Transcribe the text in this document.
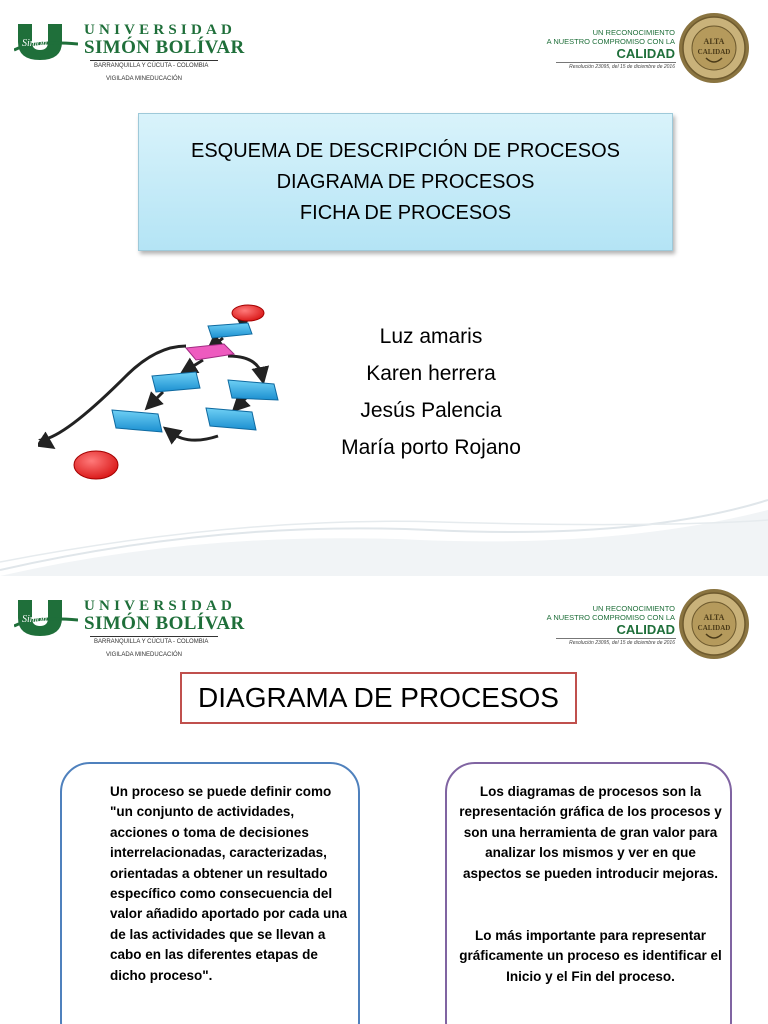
Simón
UNIVERSIDAD
SIMÓN BOLÍVAR
BARRANQUILLA Y CÚCUTA - COLOMBIA
VIGILADA MINEDUCACIÓN
UN RECONOCIMIENTO
A NUESTRO COMPROMISO CON LA
CALIDAD
Resolución 23095, del 15 de diciembre de 2016
ALTA
CALIDAD
ESQUEMA DE DESCRIPCIÓN DE PROCESOS
DIAGRAMA DE PROCESOS
FICHA DE PROCESOS
Luz amaris
Karen herrera
Jesús Palencia
María porto Rojano
Simón
UNIVERSIDAD
SIMÓN BOLÍVAR
BARRANQUILLA Y CÚCUTA - COLOMBIA
VIGILADA MINEDUCACIÓN
UN RECONOCIMIENTO
A NUESTRO COMPROMISO CON LA
CALIDAD
Resolución 23095, del 15 de diciembre de 2016
ALTA
CALIDAD
DIAGRAMA DE PROCESOS

Un proceso se puede definir como "un conjunto de actividades, acciones o toma de decisiones interrelacionadas, caracterizadas, orientadas a obtener un resultado específico como consecuencia del valor añadido aportado por cada una de las actividades que se llevan a cabo en las diferentes etapas de dicho proceso".

Los diagramas de procesos son la representación gráfica de los procesos y son una herramienta de gran valor para analizar los mismos y ver en que aspectos se pueden introducir mejoras.

Lo más importante para representar gráficamente un proceso es identificar el Inicio y el Fin del proceso.
